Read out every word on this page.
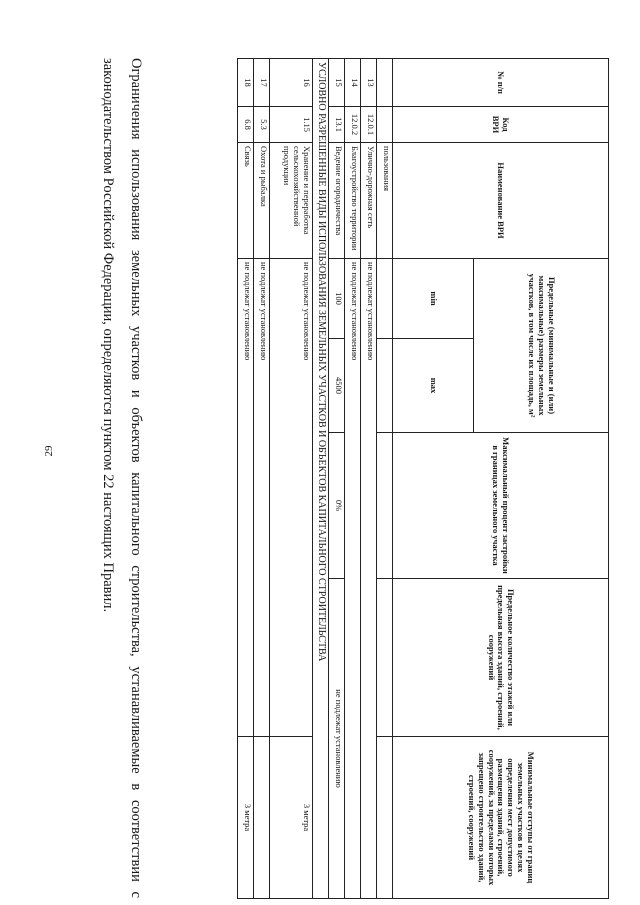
29
№ п/п	Код ВРИ	Наименование ВРИ	Предельные (минимальные и (или) максимальные) размеры земельных участков, в том числе их площадь, м²		Максимальный процент застройки в границах земельного участка	Предельное количество этажей или предельная высота зданий, строений, сооружений	Минимальные отступы от границ земельных участков в целях определения мест допустимого размещения зданий, строений, сооружений, за пределами которых запрещено строительство зданий, строений, сооружений
			min	max			
		пользования					
13	12.0.1	Улично-дорожная сеть	не подлежат установлению				
14	12.0.2	Благоустройство территории	не подлежат установлению				
15	13.1	Ведение огородничества	100	4500	0%	не подлежат установлению	
УСЛОВНО РАЗРЕШЕННЫЕ ВИДЫ ИСПОЛЬЗОВАНИЯ ЗЕМЕЛЬНЫХ УЧАСТКОВ И ОБЪЕКТОВ КАПИТАЛЬНОГО СТРОИТЕЛЬСТВА							
16	1.15	Хранение и переработка сельскохозяйственной продукции	не подлежат установлению				3 метра
17	5.3	Охота и рыбалка	не подлежат установлению				
18	6.8	Связь	не подлежат установлению				3 метра
Ограничения использования земельных участков и объектов капитального строительства, устанавливаемые в соответствии с законодательством Российской Федерации, определяются пунктом 22 настоящих Правил.
